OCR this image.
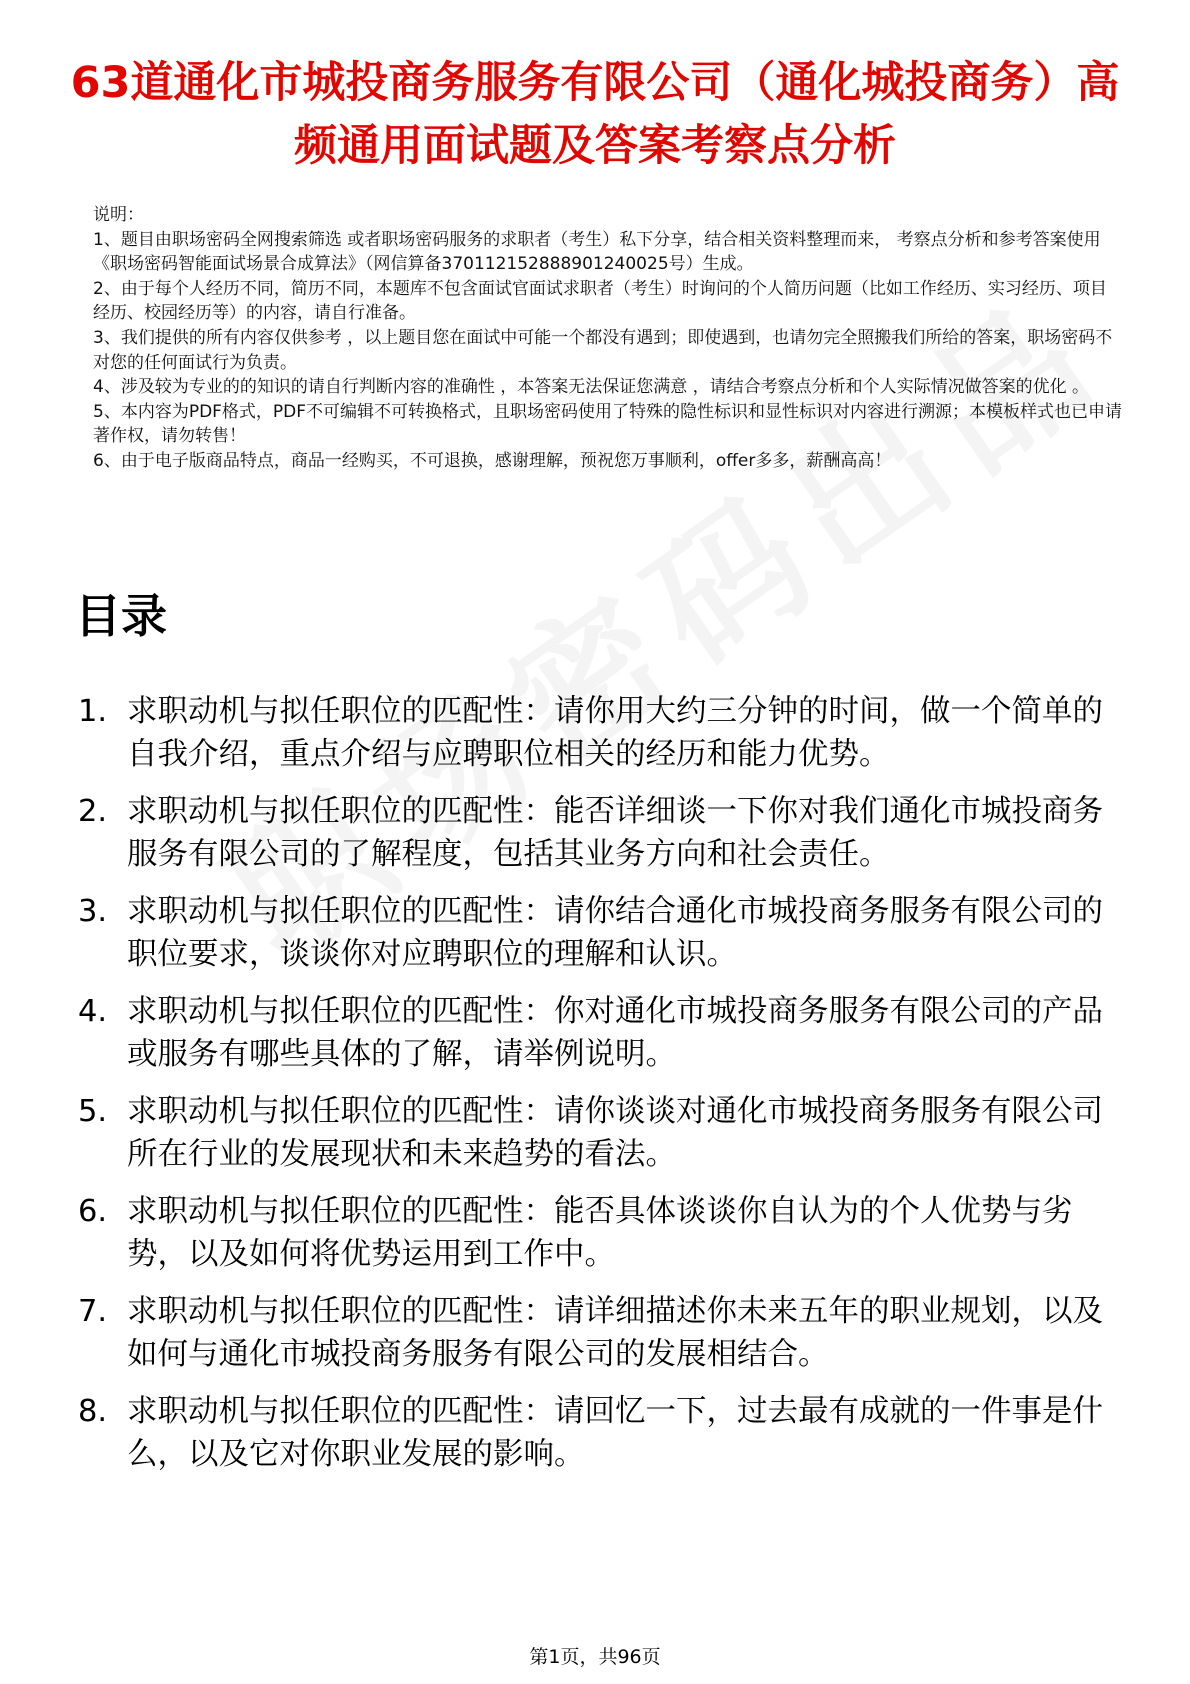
63道通化市城投商务服务有限公司（通化城投商务）高频通用面试题及答案考察点分析

说明：

1、题目由职场密码全网搜索筛选 或者职场密码服务的求职者（考生）私下分享，结合相关资料整理而来， 考察点分析和参考答案使用《职场密码智能面试场景合成算法》（网信算备37011215288890124002​5号）生成。

2、由于每个人经历不同，简历不同，本题库不包含面试官面试求职者（考生）时询问的个人简历问题（比如工作经历、实习经历、项目经历、校园经历等）的内容，请自行准备。

3、我们提供的所有内容仅供参考 ，以上题目您在面试中可能一个都没有遇到；即使遇到，也请勿完全照搬我们所给的答案，职场密码不对您的任何面试行为负责。

4、涉及较为专业的的知识的请自行判断内容的准确性 ，本答案无法保证您满意 ，请结合考察点分析和个人实际情况做答案的优化 。

5、本内容为PDF格式，PDF不可编辑不可转换格式，且职场密码使用了特殊的隐性标识和显性标识对内容进行溯源；本模板样式也已申请著作权，请勿转售！

6、由于电子版商品特点，商品一经购买，不可退换，感谢理解，预祝您万事顺利，offer多多，薪酬高高！

目录
1. 求职动机与拟任职位的匹配性：请你用大约三分钟的时间，做一个简单的自我介绍，重点介绍与应聘职位相关的经历和能力优势。
2. 求职动机与拟任职位的匹配性：能否详细谈一下你对我们通化市城投商务服务有限公司的了解程度，包括其业务方向和社会责任。
3. 求职动机与拟任职位的匹配性：请你结合通化市城投商务服务有限公司的职位要求，谈谈你对应聘职位的理解和认识。
4. 求职动机与拟任职位的匹配性：你对通化市城投商务服务有限公司的产品或服务有哪些具体的了解，请举例说明。
5. 求职动机与拟任职位的匹配性：请你谈谈对通化市城投商务服务有限公司所在行业的发展现状和未来趋势的看法。
6. 求职动机与拟任职位的匹配性：能否具体谈谈你自认为的个人优势与劣势，以及如何将优势运用到工作中。
7. 求职动机与拟任职位的匹配性：请详细描述你未来五年的职业规划，以及如何与通化市城投商务服务有限公司的发展相结合。
8. 求职动机与拟任职位的匹配性：请回忆一下，过去最有成就的一件事是什么，以及它对你职业发展的影响。
第1页，共96页
